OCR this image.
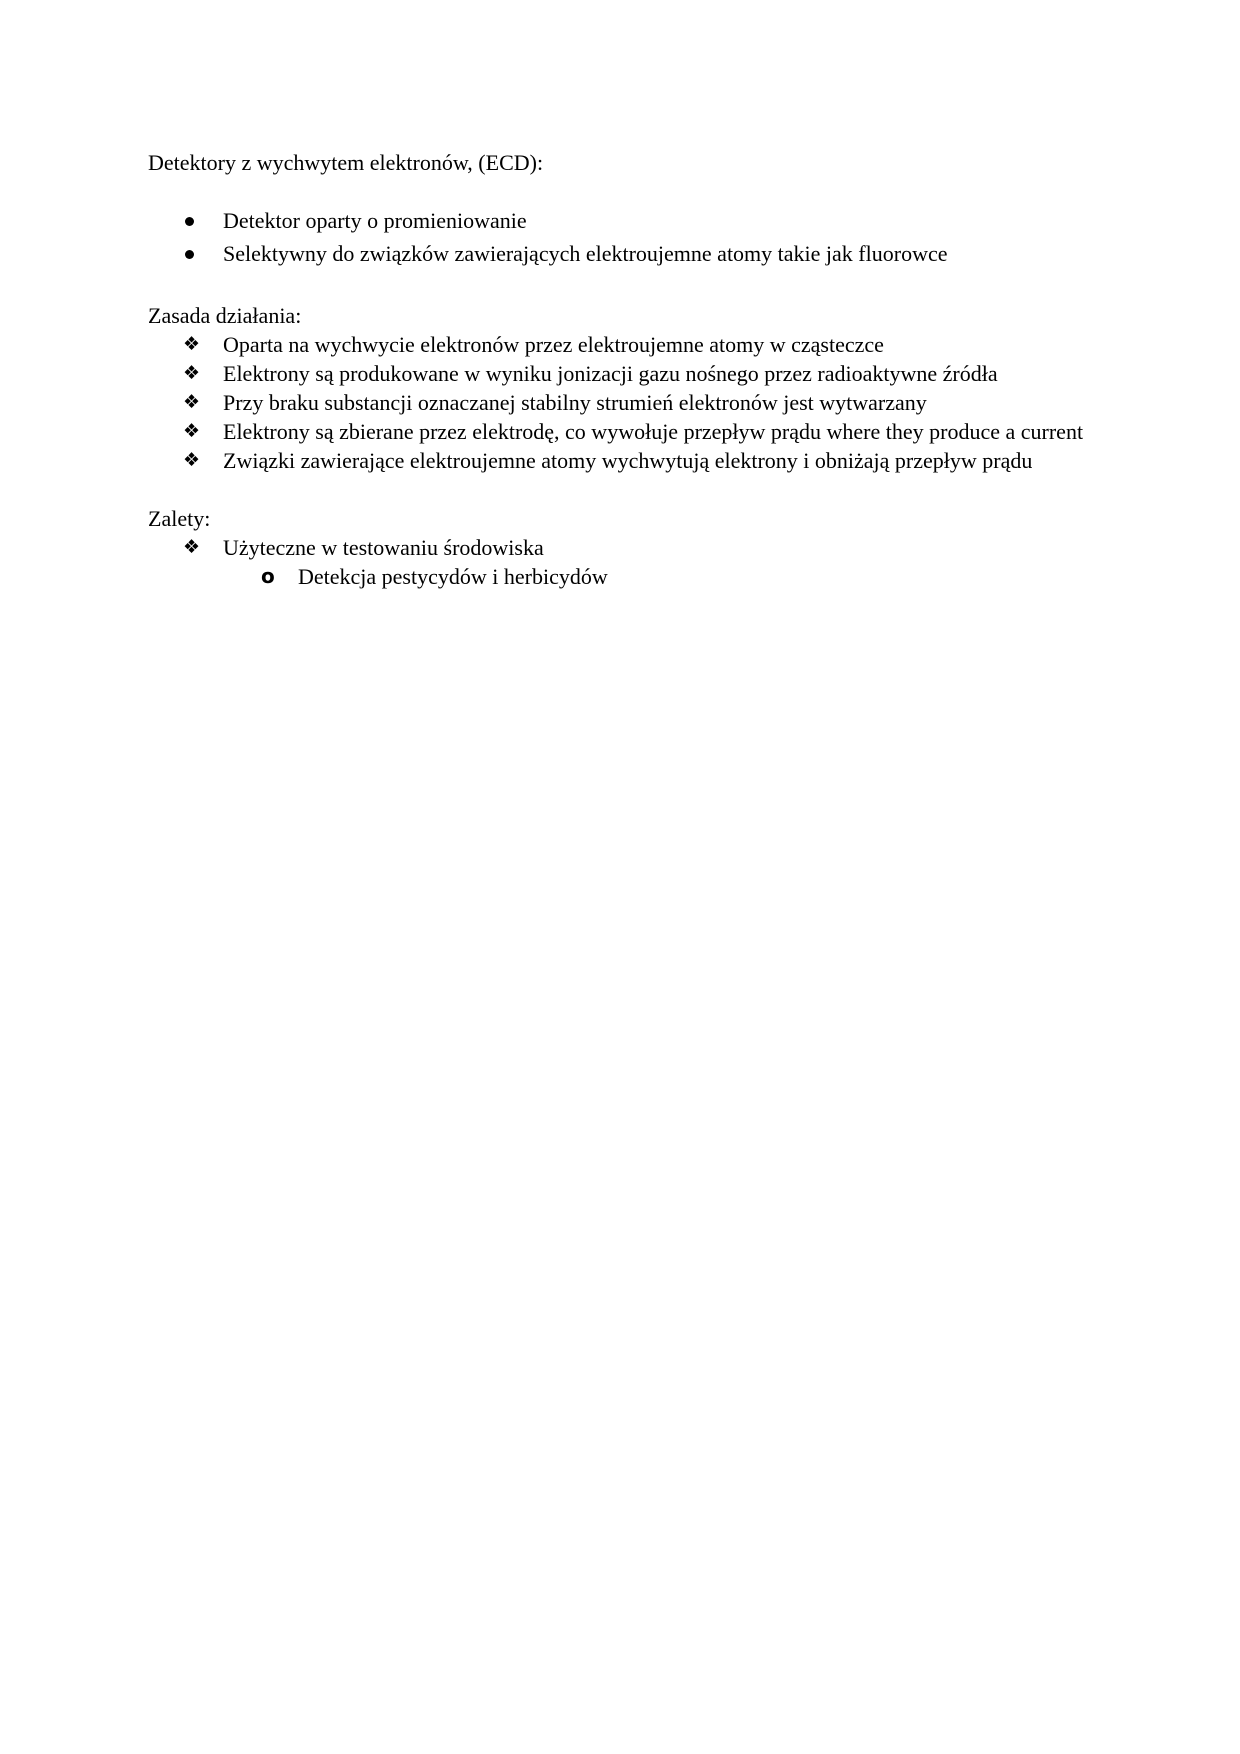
Detektory z wychwytem elektronów, (ECD):

Detektor oparty o promieniowanie
Selektywny do związków zawierających elektroujemne atomy takie jak fluorowce

Zasada działania:

❖	Oparta na wychwycie elektronów przez elektroujemne atomy w cząsteczce
❖	Elektrony są produkowane w wyniku jonizacji gazu nośnego przez radioaktywne źródła
❖	Przy braku substancji oznaczanej stabilny strumień elektronów jest wytwarzany
❖	Elektrony są zbierane przez elektrodę, co wywołuje przepływ prądu where they produce a current
❖	Związki zawierające elektroujemne atomy wychwytują elektrony i obniżają przepływ prądu

Zalety:

❖	Użyteczne w testowaniu środowiska
o	Detekcja pestycydów i herbicydów
